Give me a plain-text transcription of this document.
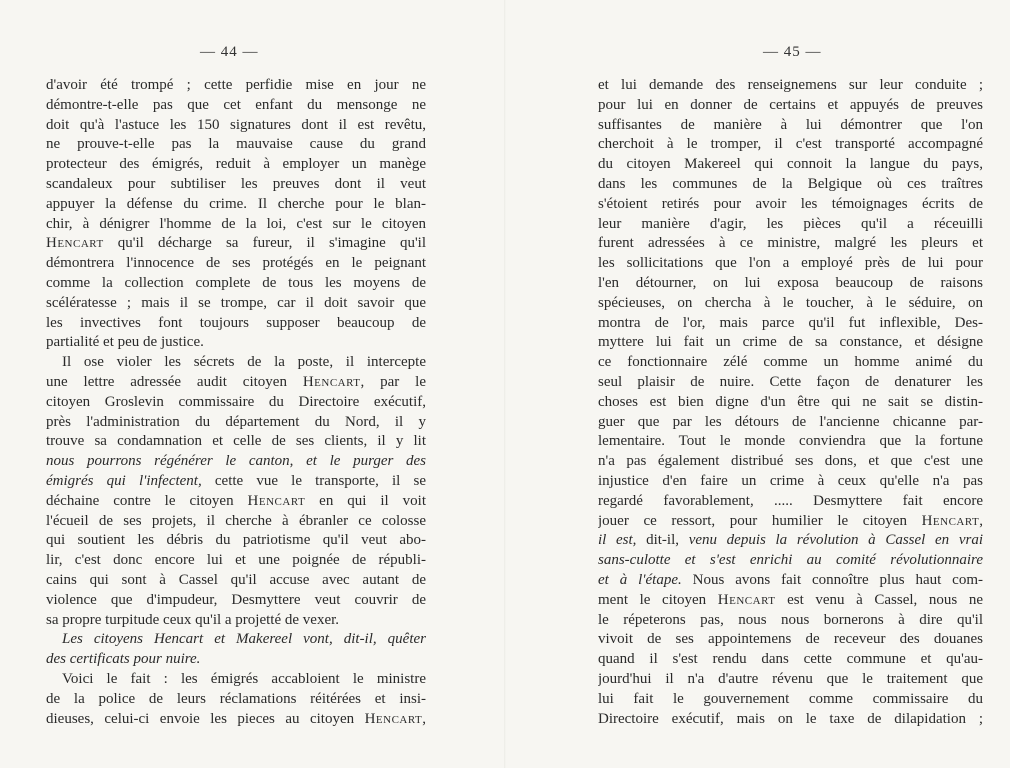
— 44 —
d'avoir été trompé ; cette perfidie mise en jour ne
démontre-t-elle pas que cet enfant du mensonge ne
doit qu'à l'astuce les 150 signatures dont il est revêtu,
ne prouve-t-elle pas la mauvaise cause du grand
protecteur des émigrés, reduit à employer un manège
scandaleux pour subtiliser les preuves dont il veut
appuyer la défense du crime. Il cherche pour le blan-
chir, à dénigrer l'homme de la loi, c'est sur le citoyen
Hencart qu'il décharge sa fureur, il s'imagine qu'il
démontrera l'innocence de ses protégés en le peignant
comme la collection complete de tous les moyens de
scélératesse ; mais il se trompe, car il doit savoir que
les invectives font toujours supposer beaucoup de
partialité et peu de justice.
Il ose violer les sécrets de la poste, il intercepte
une lettre adressée audit citoyen Hencart, par le
citoyen Groslevin commissaire du Directoire exécutif,
près l'administration du département du Nord, il y
trouve sa condamnation et celle de ses clients, il y lit
nous pourrons régénérer le canton, et le purger des
émigrés qui l'infectent, cette vue le transporte, il se
déchaine contre le citoyen Hencart en qui il voit
l'écueil de ses projets, il cherche à ébranler ce colosse
qui soutient les débris du patriotisme qu'il veut abo-
lir, c'est donc encore lui et une poignée de républi-
cains qui sont à Cassel qu'il accuse avec autant de
violence que d'impudeur, Desmyttere veut couvrir de
sa propre turpitude ceux qu'il a projetté de vexer.
Les citoyens Hencart et Makereel vont, dit-il, quêter
des certificats pour nuire.
Voici le fait : les émigrés accabloient le ministre
de la police de leurs réclamations réitérées et insi-
dieuses, celui-ci envoie les pieces au citoyen Hencart,
— 45 —
et lui demande des renseignemens sur leur conduite ;
pour lui en donner de certains et appuyés de preuves
suffisantes de manière à lui démontrer que l'on
cherchoit à le tromper, il c'est transporté accompagné
du citoyen Makereel qui connoit la langue du pays,
dans les communes de la Belgique où ces traîtres
s'étoient retirés pour avoir les témoignages écrits de
leur manière d'agir, les pièces qu'il a réceuilli
furent adressées à ce ministre, malgré les pleurs et
les sollicitations que l'on a employé près de lui pour
l'en détourner, on lui exposa beaucoup de raisons
spécieuses, on chercha à le toucher, à le séduire, on
montra de l'or, mais parce qu'il fut inflexible, Des-
myttere lui fait un crime de sa constance, et désigne
ce fonctionnaire zélé comme un homme animé du
seul plaisir de nuire. Cette façon de denaturer les
choses est bien digne d'un être qui ne sait se distin-
guer que par les détours de l'ancienne chicanne par-
lementaire. Tout le monde conviendra que la fortune
n'a pas également distribué ses dons, et que c'est une
injustice d'en faire un crime à ceux qu'elle n'a pas
regardé favorablement, ..... Desmyttere fait encore
jouer ce ressort, pour humilier le citoyen Hencart,
il est, dit-il, venu depuis la révolution à Cassel en vrai
sans-culotte et s'est enrichi au comité révolutionnaire
et à l'étape. Nous avons fait connoître plus haut com-
ment le citoyen Hencart est venu à Cassel, nous ne
le répeterons pas, nous nous bornerons à dire qu'il
vivoit de ses appointemens de receveur des douanes
quand il s'est rendu dans cette commune et qu'au-
jourd'hui il n'a d'autre révenu que le traitement que
lui fait le gouvernement comme commissaire du
Directoire exécutif, mais on le taxe de dilapidation ;
